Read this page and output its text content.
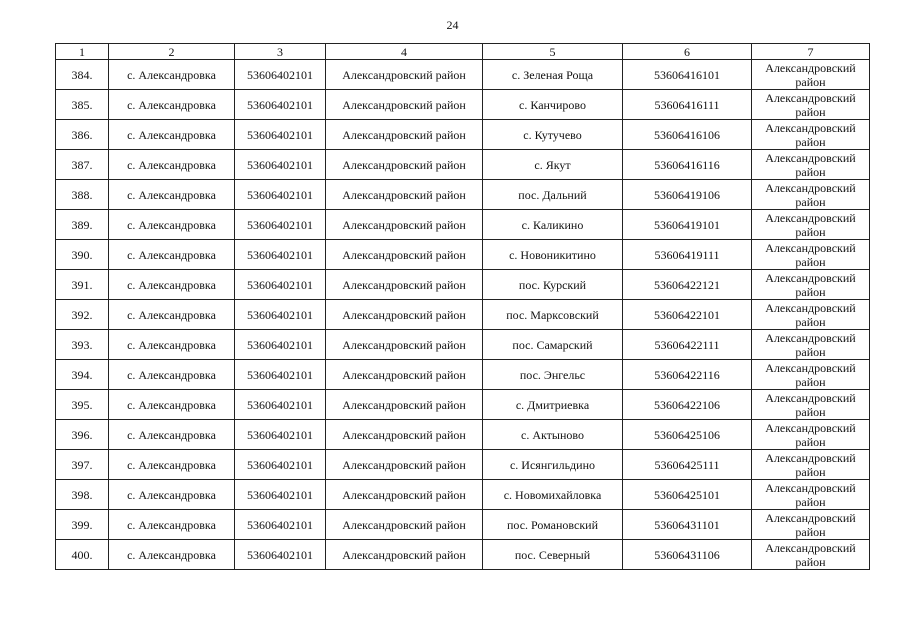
24
1	2	3	4	5	6	7
384.	с. Александровка	53606402101	Александровский район	с. Зеленая Роща	53606416101	Александровский район
385.	с. Александровка	53606402101	Александровский район	с. Канчирово	53606416111	Александровский район
386.	с. Александровка	53606402101	Александровский район	с. Кутучево	53606416106	Александровский район
387.	с. Александровка	53606402101	Александровский район	с. Якут	53606416116	Александровский район
388.	с. Александровка	53606402101	Александровский район	пос. Дальний	53606419106	Александровский район
389.	с. Александровка	53606402101	Александровский район	с. Каликино	53606419101	Александровский район
390.	с. Александровка	53606402101	Александровский район	с. Новоникитино	53606419111	Александровский район
391.	с. Александровка	53606402101	Александровский район	пос. Курский	53606422121	Александровский район
392.	с. Александровка	53606402101	Александровский район	пос. Марксовский	53606422101	Александровский район
393.	с. Александровка	53606402101	Александровский район	пос. Самарский	53606422111	Александровский район
394.	с. Александровка	53606402101	Александровский район	пос. Энгельс	53606422116	Александровский район
395.	с. Александровка	53606402101	Александровский район	с. Дмитриевка	53606422106	Александровский район
396.	с. Александровка	53606402101	Александровский район	с. Актыново	53606425106	Александровский район
397.	с. Александровка	53606402101	Александровский район	с. Исянгильдино	53606425111	Александровский район
398.	с. Александровка	53606402101	Александровский район	с. Новомихайловка	53606425101	Александровский район
399.	с. Александровка	53606402101	Александровский район	пос. Романовский	53606431101	Александровский район
400.	с. Александровка	53606402101	Александровский район	пос. Северный	53606431106	Александровский район
